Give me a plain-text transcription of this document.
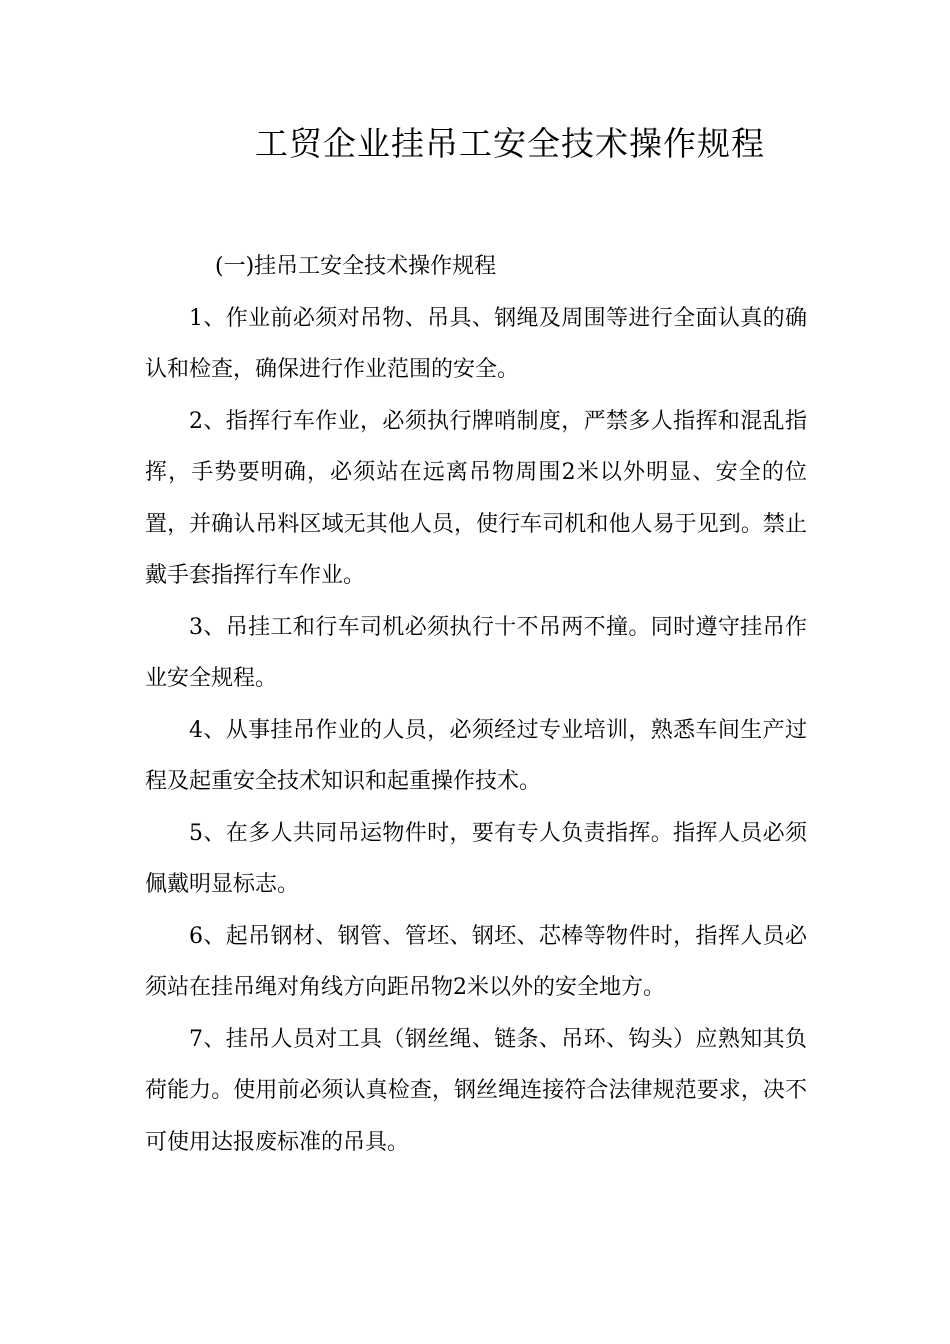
工贸企业挂吊工安全技术操作规程

(一)挂吊工安全技术操作规程

1、作业前必须对吊物、吊具、钢绳及周围等进行全面认真的确认和检查，确保进行作业范围的安全。

2、指挥行车作业，必须执行牌哨制度，严禁多人指挥和混乱指挥，手势要明确，必须站在远离吊物周围2米以外明显、安全的位置，并确认吊料区域无其他人员，使行车司机和他人易于见到。禁止戴手套指挥行车作业。

3、吊挂工和行车司机必须执行十不吊两不撞。同时遵守挂吊作业安全规程。

4、从事挂吊作业的人员，必须经过专业培训，熟悉车间生产过程及起重安全技术知识和起重操作技术。

5、在多人共同吊运物件时，要有专人负责指挥。指挥人员必须佩戴明显标志。

6、起吊钢材、钢管、管坯、钢坯、芯棒等物件时，指挥人员必须站在挂吊绳对角线方向距吊物2米以外的安全地方。

7、挂吊人员对工具（钢丝绳、链条、吊环、钩头）应熟知其负荷能力。使用前必须认真检查，钢丝绳连接符合法律规范要求，决不可使用达报废标准的吊具。
